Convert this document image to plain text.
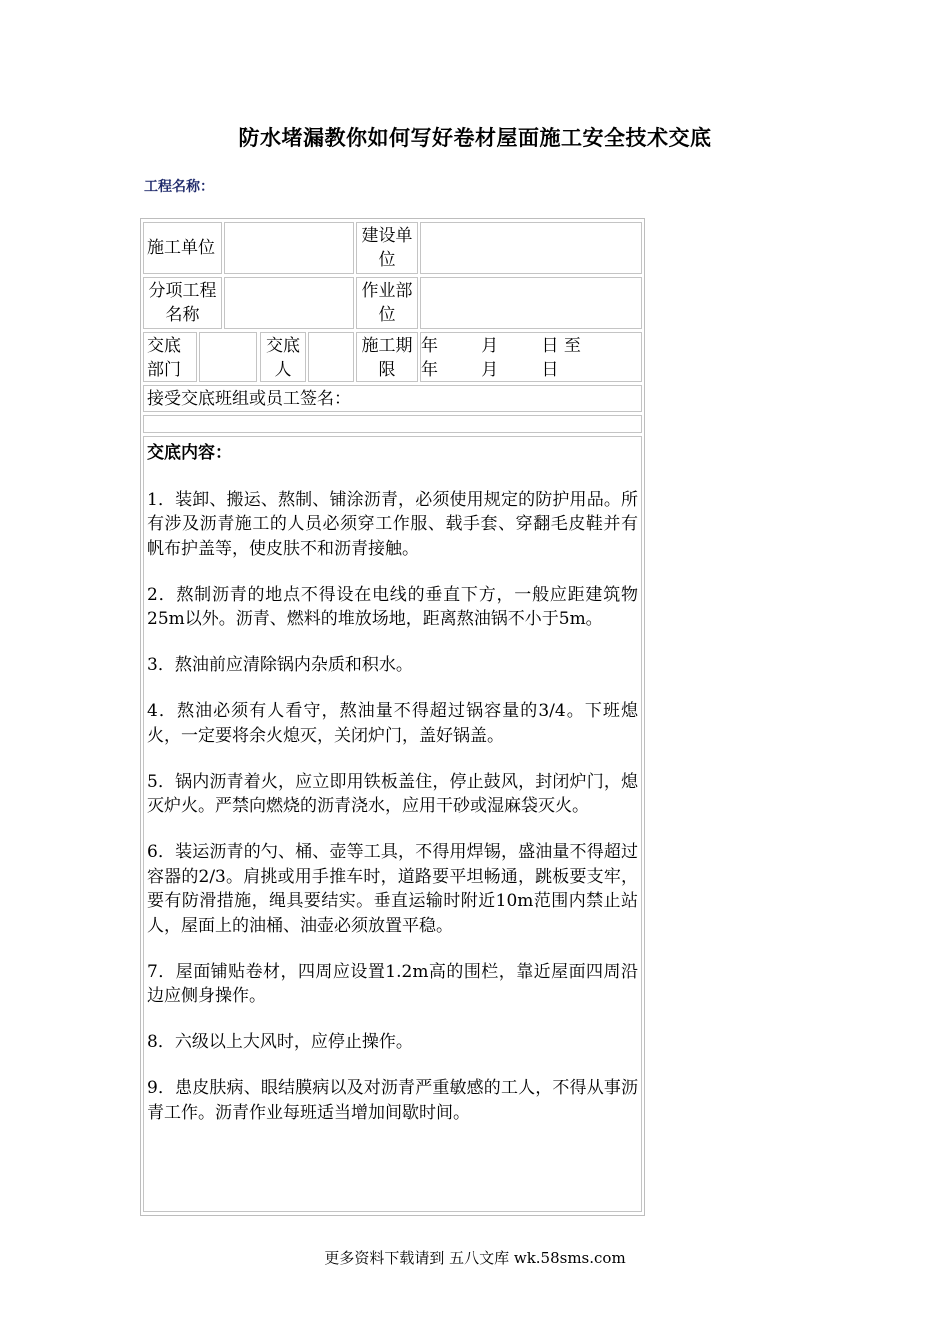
防水堵漏教你如何写好卷材屋面施工安全技术交底
工程名称：
施工单位
建设单
位
分项工程
名称
作业部
位
交底
部门
交底
人
施工期
限
年        月        日 至
年        月        日
接受交底班组或员工签名：
交底内容：

1．装卸、搬运、熬制、铺涂沥青，必须使用规定的防护用品。所有涉及沥青施工的人员必须穿工作服、载手套、穿翻毛皮鞋并有帆布护盖等，使皮肤不和沥青接触。

2．熬制沥青的地点不得设在电线的垂直下方，一般应距建筑物25m以外。沥青、燃料的堆放场地，距离熬油锅不小于5m。

3．熬油前应清除锅内杂质和积水。

4．熬油必须有人看守，熬油量不得超过锅容量的3/4。下班熄火，一定要将余火熄灭，关闭炉门，盖好锅盖。

5．锅内沥青着火，应立即用铁板盖住，停止鼓风，封闭炉门，熄灭炉火。严禁向燃烧的沥青浇水，应用干砂或湿麻袋灭火。

6．装运沥青的勺、桶、壶等工具，不得用焊锡，盛油量不得超过容器的2/3。肩挑或用手推车时，道路要平坦畅通，跳板要支牢，要有防滑措施，绳具要结实。垂直运输时附近10m范围内禁止站人，屋面上的油桶、油壶必须放置平稳。

7．屋面铺贴卷材，四周应设置1.2m高的围栏，靠近屋面四周沿边应侧身操作。

8．六级以上大风时，应停止操作。

9．患皮肤病、眼结膜病以及对沥青严重敏感的工人，不得从事沥青工作。沥青作业每班适当增加间歇时间。

更多资料下载请到 五八文库 wk.58sms.com
